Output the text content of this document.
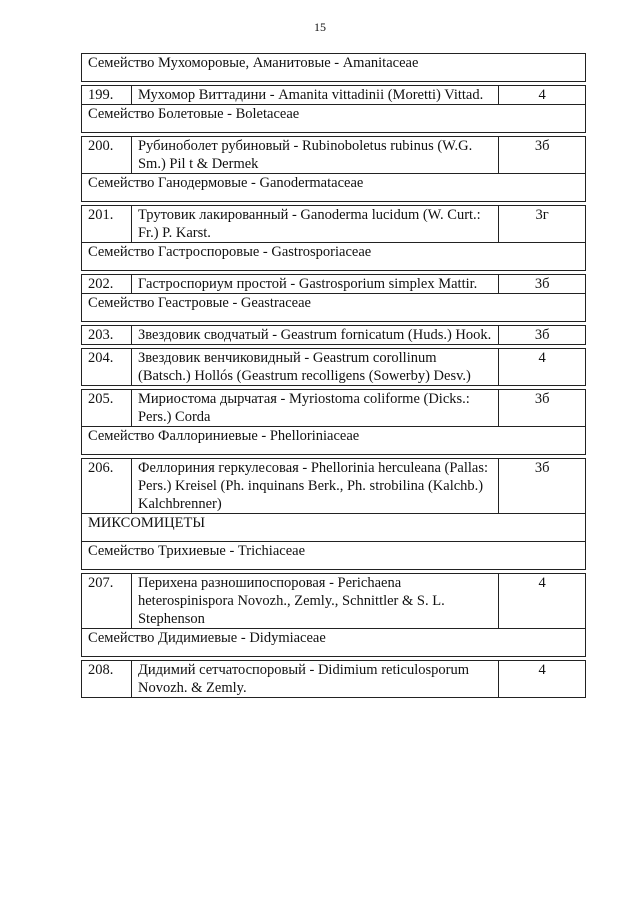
15
Семейство Мухоморовые, Аманитовые - Amanitaceae		

199.	Мухомор Виттадини - Amanita vittadinii (Moretti) Vittad.	4
Семейство Болетовые - Boletaceae		

200.	Рубиноболет рубиновый - Rubinoboletus rubinus (W.G. Sm.) Pil t & Dermek	3б
Семейство Ганодермовые - Ganodermataceae		

201.	Трутовик лакированный - Ganoderma lucidum (W. Curt.: Fr.) P. Karst.	3г
Семейство Гастроспоровые - Gastrosporiaceae		

202.	Гастроспориум простой - Gastrosporium simplex Mattir.	3б
Семейство Геастровые - Geastraceae		

203.	Звездовик сводчатый - Geastrum fornicatum (Huds.) Hook.	3б

204.	Звездовик венчиковидный - Geastrum corollinum (Batsch.) Hollós (Geastrum recolligens (Sowerby) Desv.)	4

205.	Мириостома дырчатая - Myriostoma coliforme (Dicks.: Pers.) Corda	3б
Семейство Фаллориниевые - Phelloriniaceae		

206.	Феллориния геркулесовая - Phellorinia herculeana (Pallas: Pers.) Kreisel (Ph. inquinans Berk., Ph. strobilina (Kalchb.) Kalchbrenner)	3б
МИКСОМИЦЕТЫ		
Семейство Трихиевые - Trichiaceae		

207.	Перихена разношипоспоровая - Perichaena heterospinispora Novozh., Zemly., Schnittler & S. L. Stephenson	4
Семейство Дидимиевые - Didymiaceae		

208.	Дидимий сетчатоспоровый - Didimium reticulosporum Novozh. & Zemly.	4
